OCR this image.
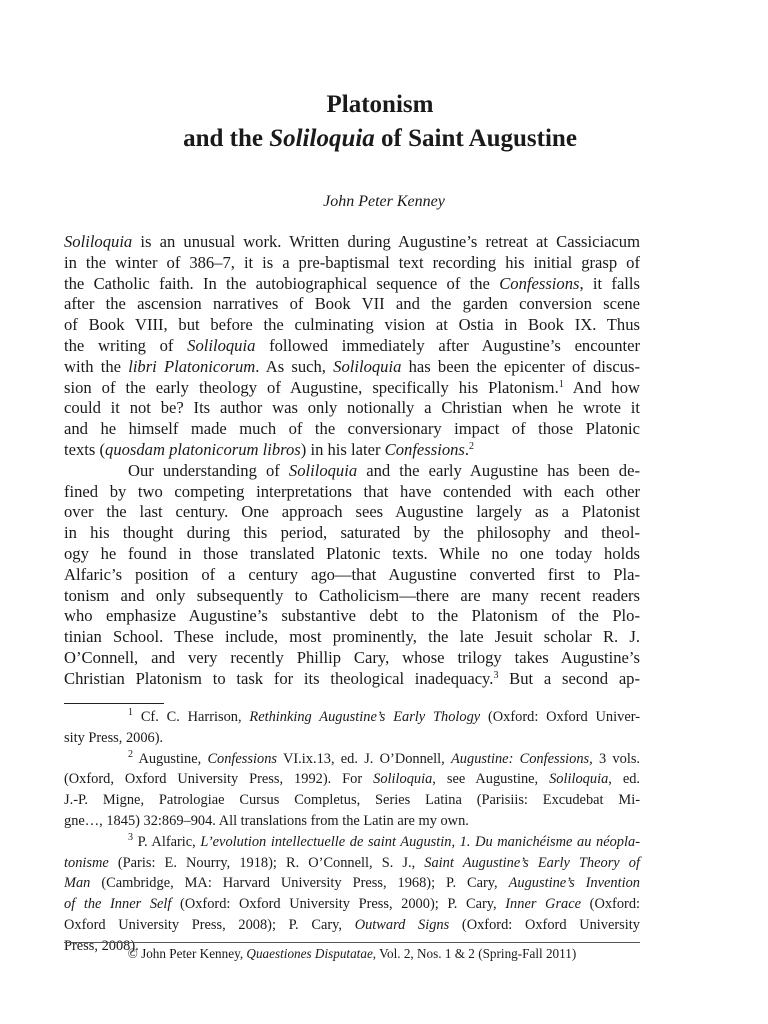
Platonism
and the Soliloquia of Saint Augustine
John Peter Kenney
Soliloquia is an unusual work. Written during Augustine’s retreat at Cassiciacum
in the winter of 386–7, it is a pre-baptismal text recording his initial grasp of
the Catholic faith. In the autobiographical sequence of the Confessions, it falls
after the ascension narratives of Book VII and the garden conversion scene
of Book VIII, but before the culminating vision at Ostia in Book IX. Thus
the writing of Soliloquia followed immediately after Augustine’s encounter
with the libri Platonicorum. As such, Soliloquia has been the epicenter of discus-
sion of the early theology of Augustine, specifically his Platonism.$^1$ And how
could it not be? Its author was only notionally a Christian when he wrote it
and he himself made much of the conversionary impact of those Platonic
texts (quosdam platonicorum libros) in his later Confessions.$^2$
Our understanding of Soliloquia and the early Augustine has been de-
fined by two competing interpretations that have contended with each other
over the last century. One approach sees Augustine largely as a Platonist
in his thought during this period, saturated by the philosophy and theol-
ogy he found in those translated Platonic texts. While no one today holds
Alfaric’s position of a century ago—that Augustine converted first to Pla-
tonism and only subsequently to Catholicism—there are many recent readers
who emphasize Augustine’s substantive debt to the Platonism of the Plo-
tinian School. These include, most prominently, the late Jesuit scholar R. J.
O’Connell, and very recently Phillip Cary, whose trilogy takes Augustine’s
Christian Platonism to task for its theological inadequacy.$^3$ But a second ap-
$^1$ Cf. C. Harrison, Rethinking Augustine’s Early Thology (Oxford: Oxford Univer-
sity Press, 2006).
$^2$ Augustine, Confessions VI.ix.13, ed. J. O’Donnell, Augustine: Confessions, 3 vols.
(Oxford, Oxford University Press, 1992). For Soliloquia, see Augustine, Soliloquia, ed.
J.-P. Migne, Patrologiae Cursus Completus, Series Latina (Parisiis: Excudebat Mi-
gne…, 1845) 32:869–904. All translations from the Latin are my own.
$^3$ P. Alfaric, L’evolution intellectuelle de saint Augustin, 1. Du manichéisme au néopla-
tonisme (Paris: E. Nourry, 1918); R. O’Connell, S. J., Saint Augustine’s Early Theory of
Man (Cambridge, MA: Harvard University Press, 1968); P. Cary, Augustine’s Invention
of the Inner Self (Oxford: Oxford University Press, 2000); P. Cary, Inner Grace (Oxford:
Oxford University Press, 2008); P. Cary, Outward Signs (Oxford: Oxford University
Press, 2008).
© John Peter Kenney, Quaestiones Disputatae, Vol. 2, Nos. 1 & 2 (Spring-Fall 2011)
